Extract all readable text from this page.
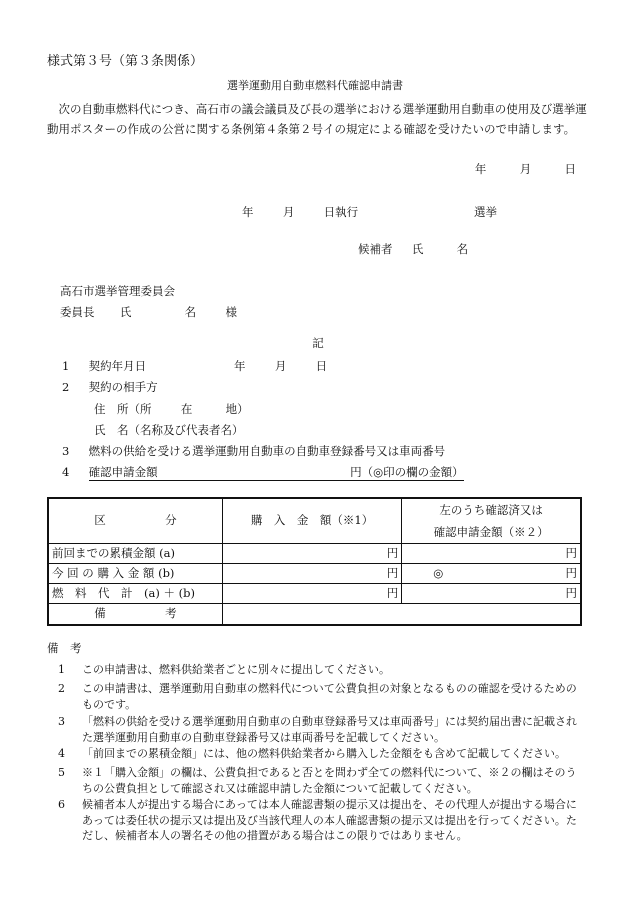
様式第３号（第３条関係）
選挙運動用自動車燃料代確認申請書
次の自動車燃料代につき、高石市の議会議員及び長の選挙における選挙運動用自動車の使用及び選挙運動用ポスターの作成の公営に関する条例第４条第２号イの規定による確認を受けたいので申請します。
年	月	日
年	月	日執行	選挙
候補者 氏	名
高石市選挙管理委員会
委員長 氏	名	様
記
1 契約年月日	年	月	日
2 契約の相手方
住　所（所	在	地）
氏　名（名称及び代表者名）
3 燃料の供給を受ける選挙運動用自動車の自動車登録番号又は車両番号
4 確認申請金額	円（◎印の欄の金額）
区 分	購　入　金　額（※1）	左のうち確認済又は
確認申請金額（※２）

前回までの累積金額 (a)	円	円
今 回 の 購 入 金 額 (b)	円	◎ 円
燃　料　代　計　(a) ＋ (b)	円	円
備 考		
備　考
1	この申請書は、燃料供給業者ごとに別々に提出してください。
2	この申請書は、選挙運動用自動車の燃料代について公費負担の対象となるものの確認を受けるためのものです。
3	「燃料の供給を受ける選挙運動用自動車の自動車登録番号又は車両番号」には契約届出書に記載された選挙運動用自動車の自動車登録番号又は車両番号を記載してください。
4	「前回までの累積金額」には、他の燃料供給業者から購入した金額をも含めて記載してください。
5	※１「購入金額」の欄は、公費負担であると否とを問わず全ての燃料代について、※２の欄はそのうちの公費負担として確認され又は確認申請した金額について記載してください。
6	候補者本人が提出する場合にあっては本人確認書類の提示又は提出を、その代理人が提出する場合にあっては委任状の提示又は提出及び当該代理人の本人確認書類の提示又は提出を行ってください。ただし、候補者本人の署名その他の措置がある場合はこの限りではありません。
